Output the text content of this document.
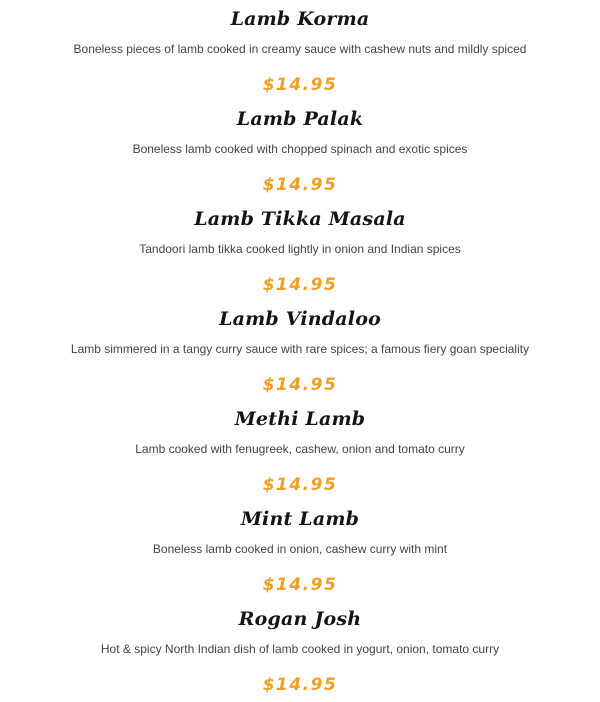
Lamb Korma
Boneless pieces of lamb cooked in creamy sauce with cashew nuts and mildly spiced
$14.95
Lamb Palak
Boneless lamb cooked with chopped spinach and exotic spices
$14.95
Lamb Tikka Masala
Tandoori lamb tikka cooked lightly in onion and Indian spices
$14.95
Lamb Vindaloo
Lamb simmered in a tangy curry sauce with rare spices; a famous fiery goan speciality
$14.95
Methi Lamb
Lamb cooked with fenugreek, cashew, onion and tomato curry
$14.95
Mint Lamb
Boneless lamb cooked in onion, cashew curry with mint
$14.95
Rogan Josh
Hot & spicy North Indian dish of lamb cooked in yogurt, onion, tomato curry
$14.95
